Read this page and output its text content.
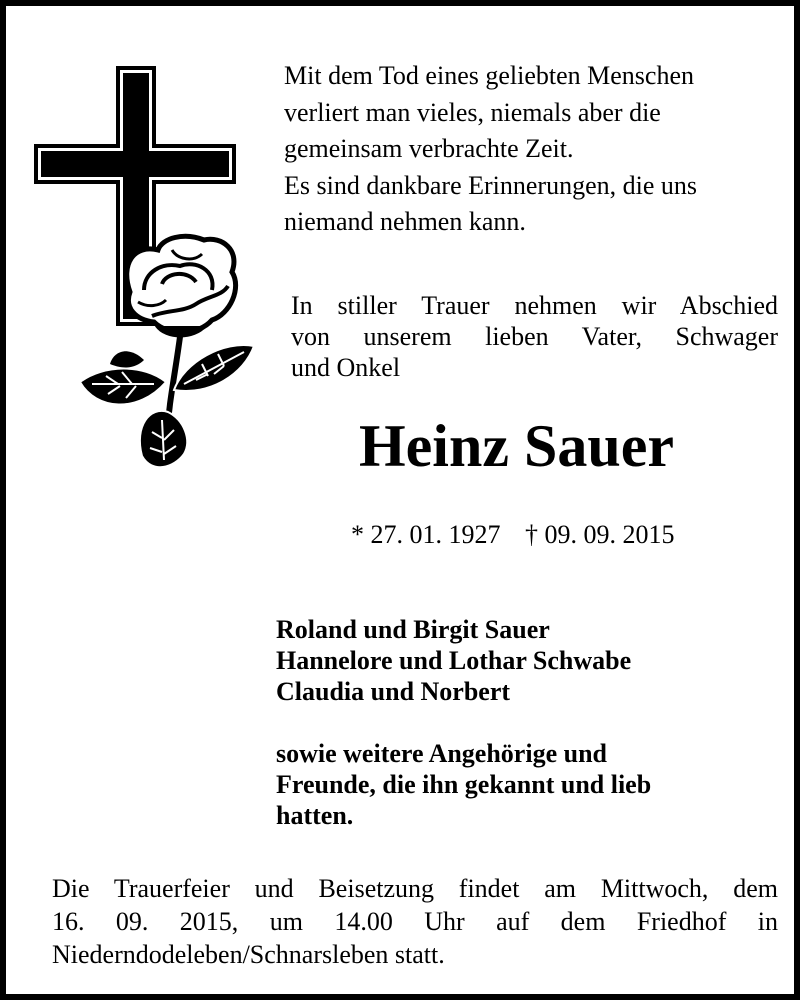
Mit dem Tod eines geliebten Menschen
verliert man vieles, niemals aber die
gemeinsam verbrachte Zeit.
Es sind dankbare Erinnerungen, die uns
niemand nehmen kann.
In stiller Trauer nehmen wir Abschied
von unserem lieben Vater, Schwager
und Onkel
Heinz Sauer
* 27. 01. 1927 † 09. 09. 2015
Roland und Birgit Sauer
Hannelore und Lothar Schwabe
Claudia und Norbert
sowie weitere Angehörige und
Freunde, die ihn gekannt und lieb
hatten.
Die Trauerfeier und Beisetzung findet am Mittwoch, dem
16. 09. 2015, um 14.00 Uhr auf dem Friedhof in
Niederndodeleben/Schnarsleben statt.
